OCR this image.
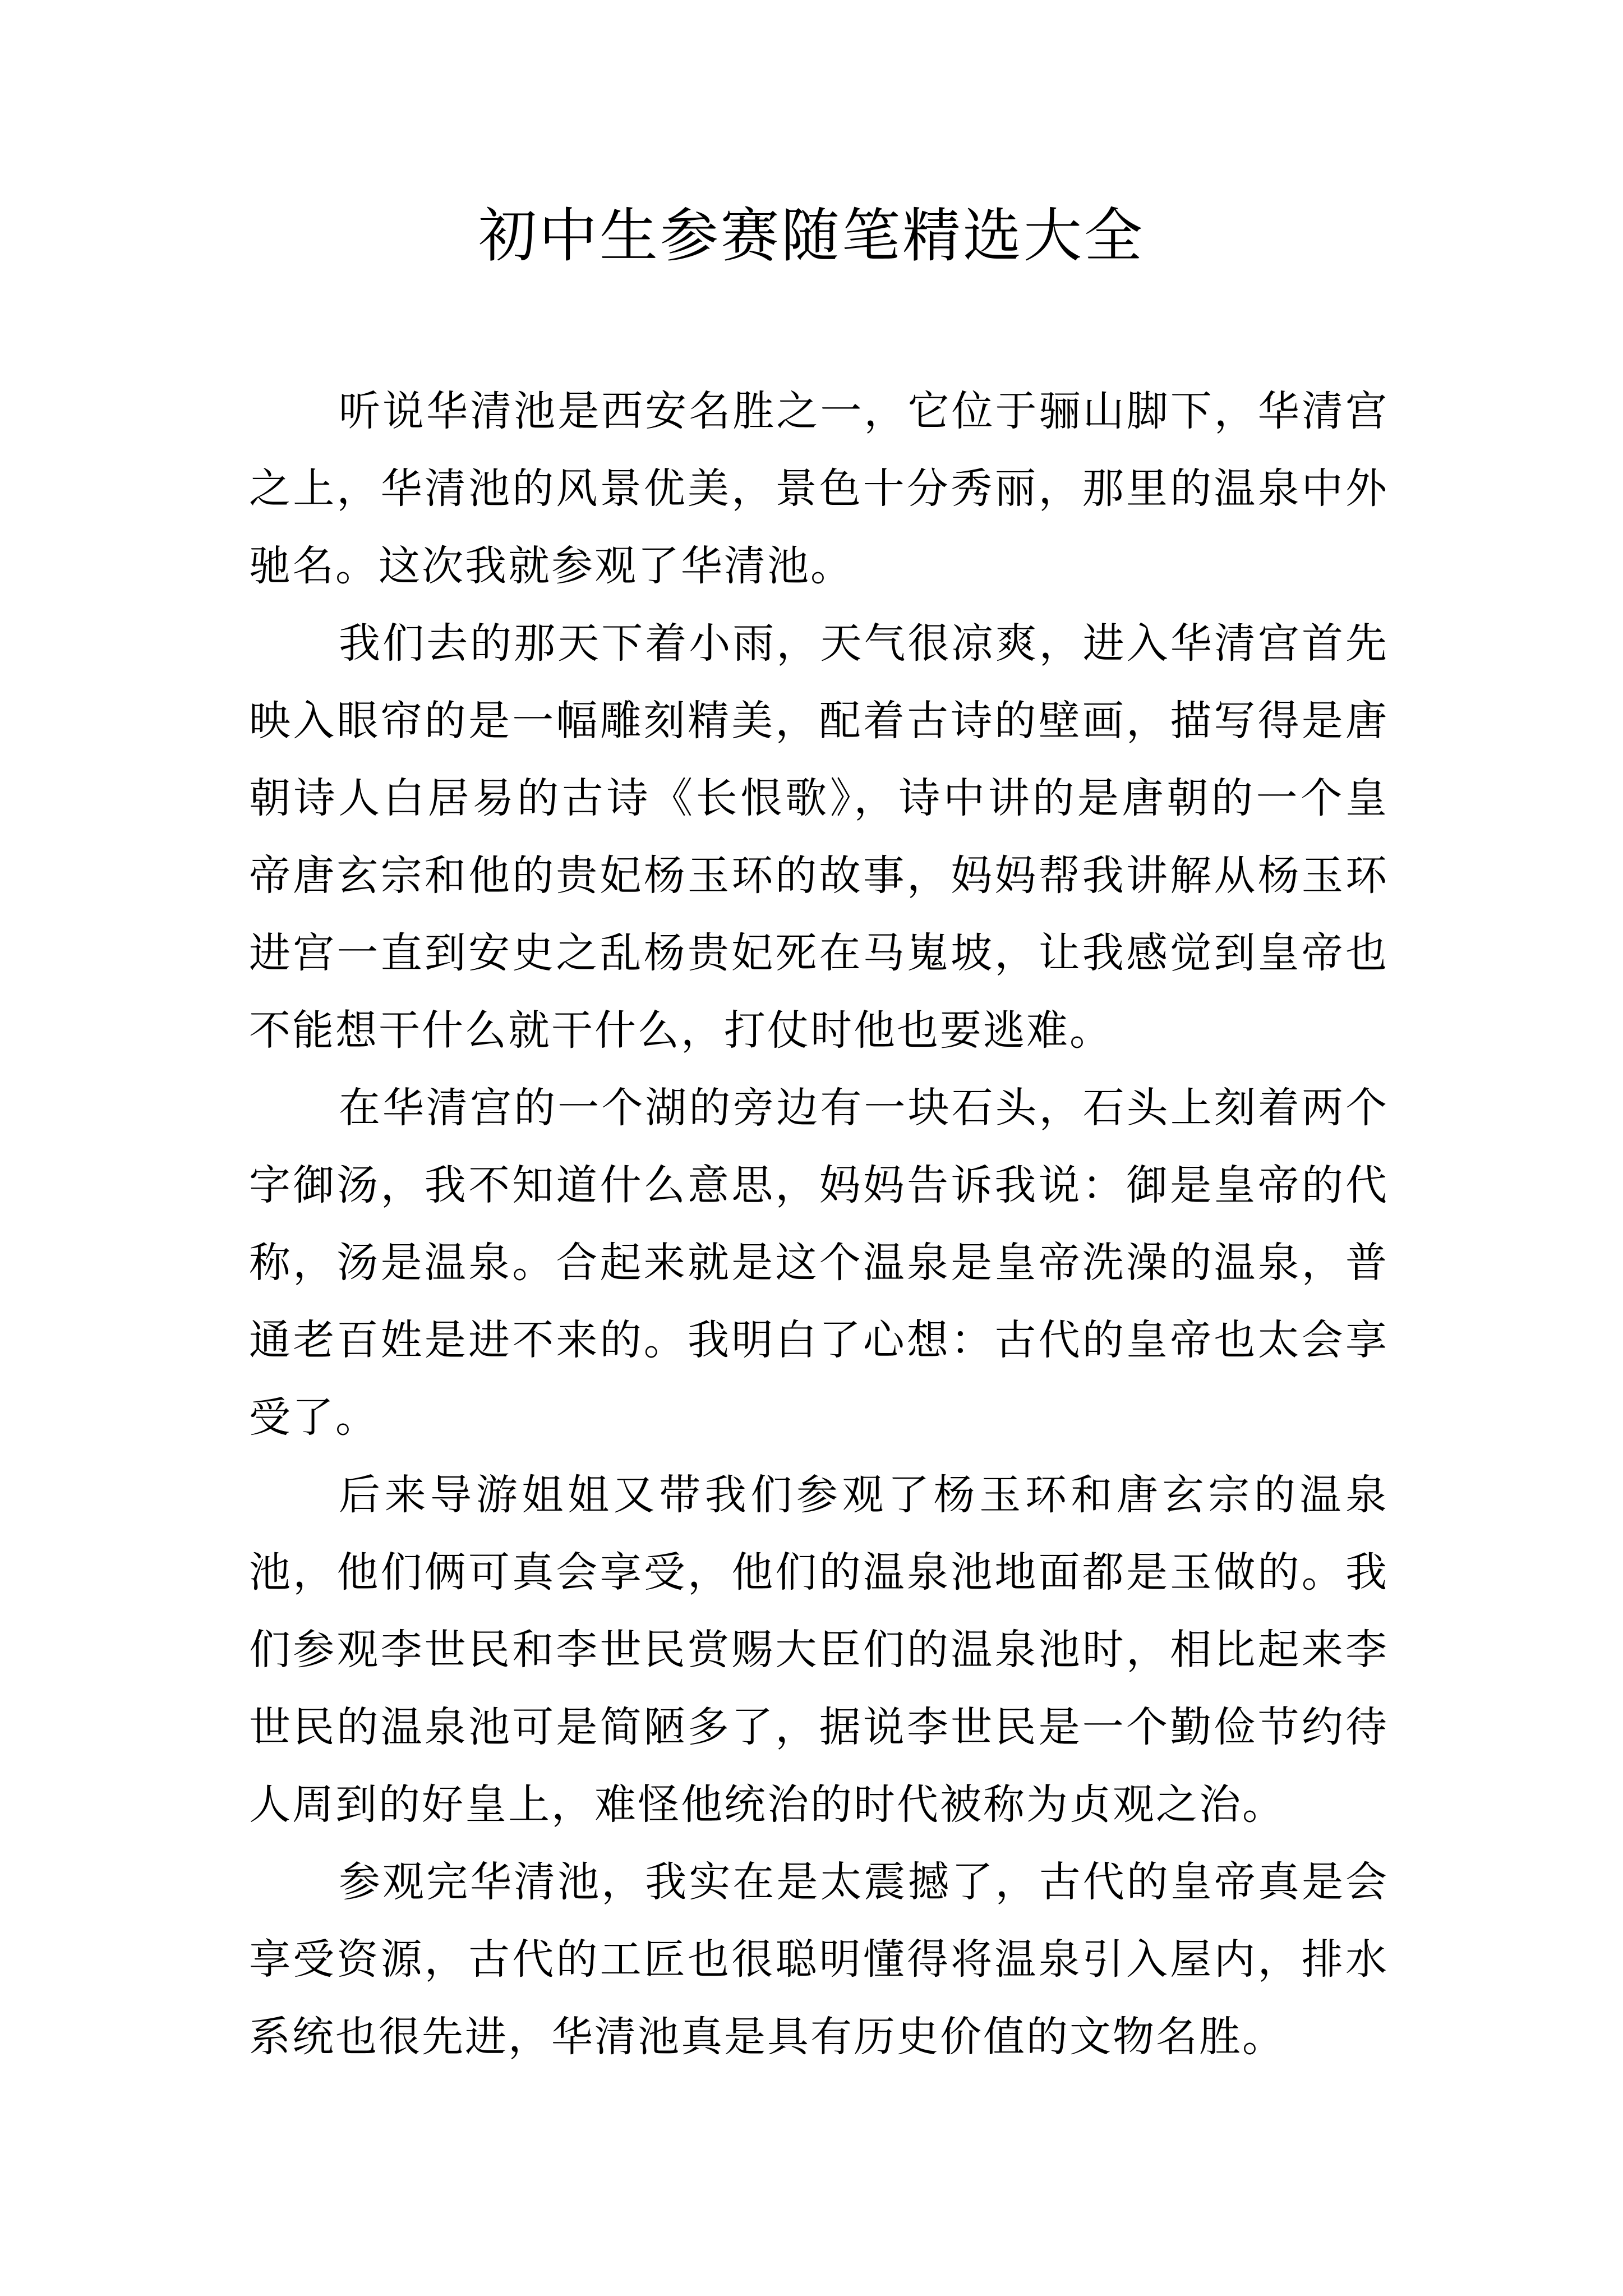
初中生参赛随笔精选大全

听说华清池是西安名胜之一，它位于骊山脚下，华清宫之上，华清池的风景优美，景色十分秀丽，那里的温泉中外驰名。这次我就参观了华清池。

我们去的那天下着小雨，天气很凉爽，进入华清宫首先映入眼帘的是一幅雕刻精美，配着古诗的壁画，描写得是唐朝诗人白居易的古诗《长恨歌》，诗中讲的是唐朝的一个皇帝唐玄宗和他的贵妃杨玉环的故事，妈妈帮我讲解从杨玉环进宫一直到安史之乱杨贵妃死在马嵬坡，让我感觉到皇帝也不能想干什么就干什么，打仗时他也要逃难。

在华清宫的一个湖的旁边有一块石头，石头上刻着两个字御汤，我不知道什么意思，妈妈告诉我说：御是皇帝的代称，汤是温泉。合起来就是这个温泉是皇帝洗澡的温泉，普通老百姓是进不来的。我明白了心想：古代的皇帝也太会享受了。

后来导游姐姐又带我们参观了杨玉环和唐玄宗的温泉池，他们俩可真会享受，他们的温泉池地面都是玉做的。我们参观李世民和李世民赏赐大臣们的温泉池时，相比起来李世民的温泉池可是简陋多了，据说李世民是一个勤俭节约待人周到的好皇上，难怪他统治的时代被称为贞观之治。

参观完华清池，我实在是太震撼了，古代的皇帝真是会享受资源，古代的工匠也很聪明懂得将温泉引入屋内，排水系统也很先进，华清池真是具有历史价值的文物名胜。
